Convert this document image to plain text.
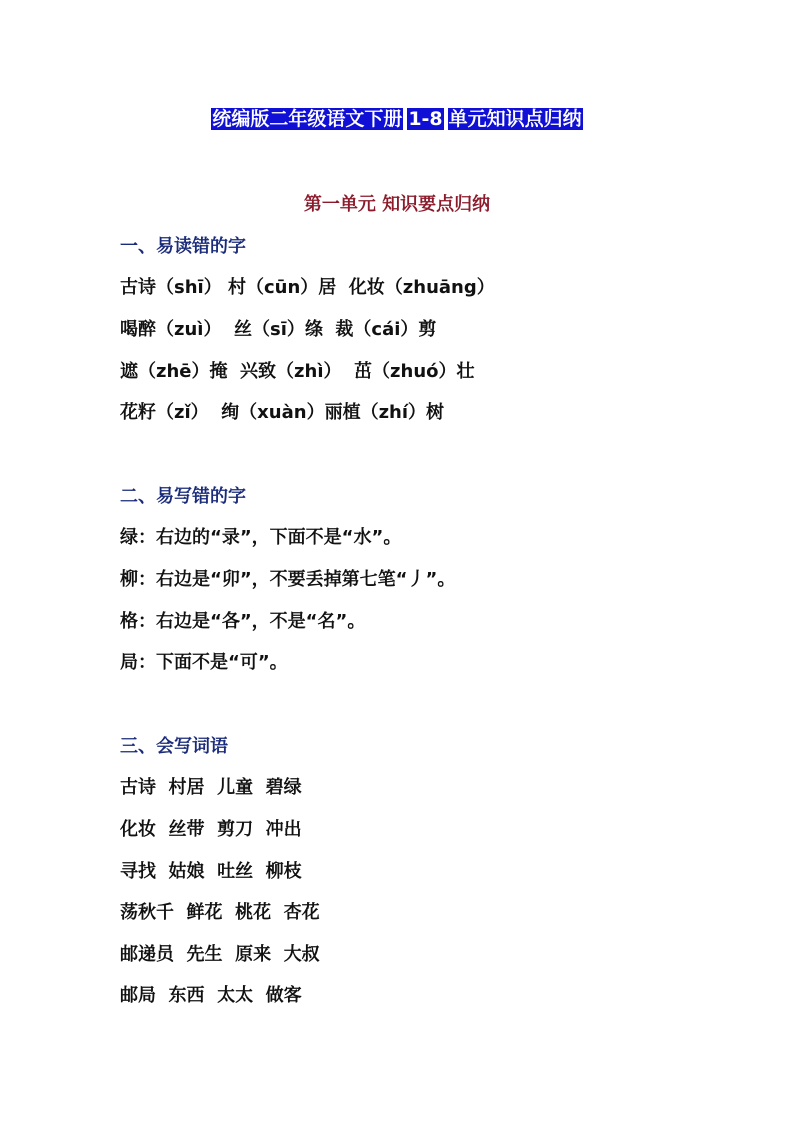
统编版二年级语文下册 1-8 单元知识点归纳
第一单元 知识要点归纳
一、易读错的字
古诗（shī） 村（cūn）居  化妆（zhuāng）
喝醉（zuì）  丝（sī）绦  裁（cái）剪
遮（zhē）掩  兴致（zhì）  茁（zhuó）壮
花籽（zǐ）  绚（xuàn）丽植（zhí）树
二、易写错的字
绿：右边的“录”，下面不是“水”。
柳：右边是“卯”，不要丢掉第七笔“丿”。
格：右边是“各”，不是“名”。
局：下面不是“可”。
三、会写词语
古诗  村居  儿童  碧绿
化妆  丝带  剪刀  冲出
寻找  姑娘  吐丝  柳枝
荡秋千  鲜花  桃花  杏花
邮递员  先生  原来  大叔
邮局  东西  太太  做客
